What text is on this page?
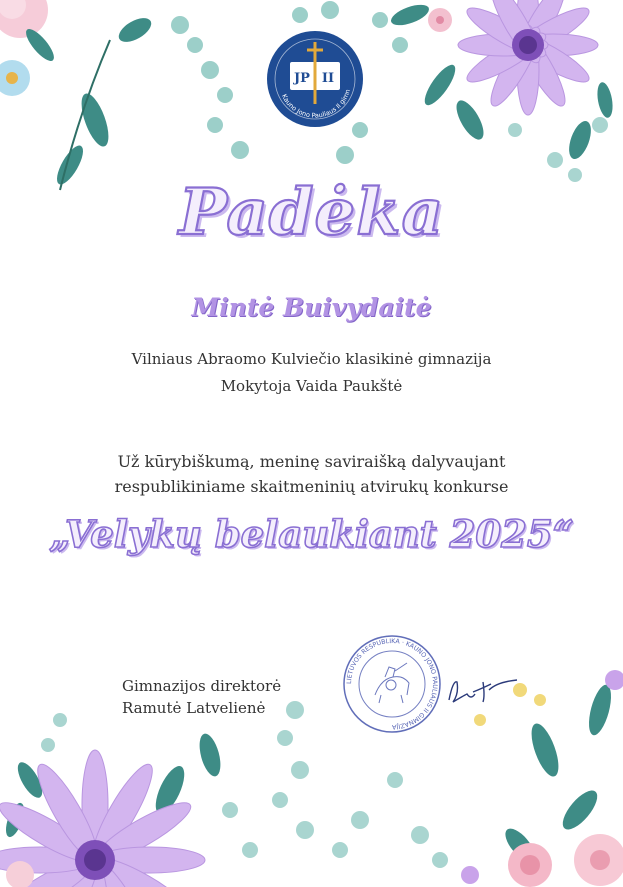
JP II
Kauno Jono Pauliaus II gimn
Padėka
Mintė Buivydaitė
Vilniaus Abraomo Kulviečio klasikinė gimnazija
Mokytoja Vaida Paukštė
Už kūrybiškumą, meninę saviraišką dalyvaujant
respublikiniame skaitmeninių atvirukų konkurse
„Velykų belaukiant 2025“
Gimnazijos direktorė
Ramutė Latvelienė
LIETUVOS RESPUBLIKA · KAUNO JONO PAULIAUS II GIMNAZIJA
